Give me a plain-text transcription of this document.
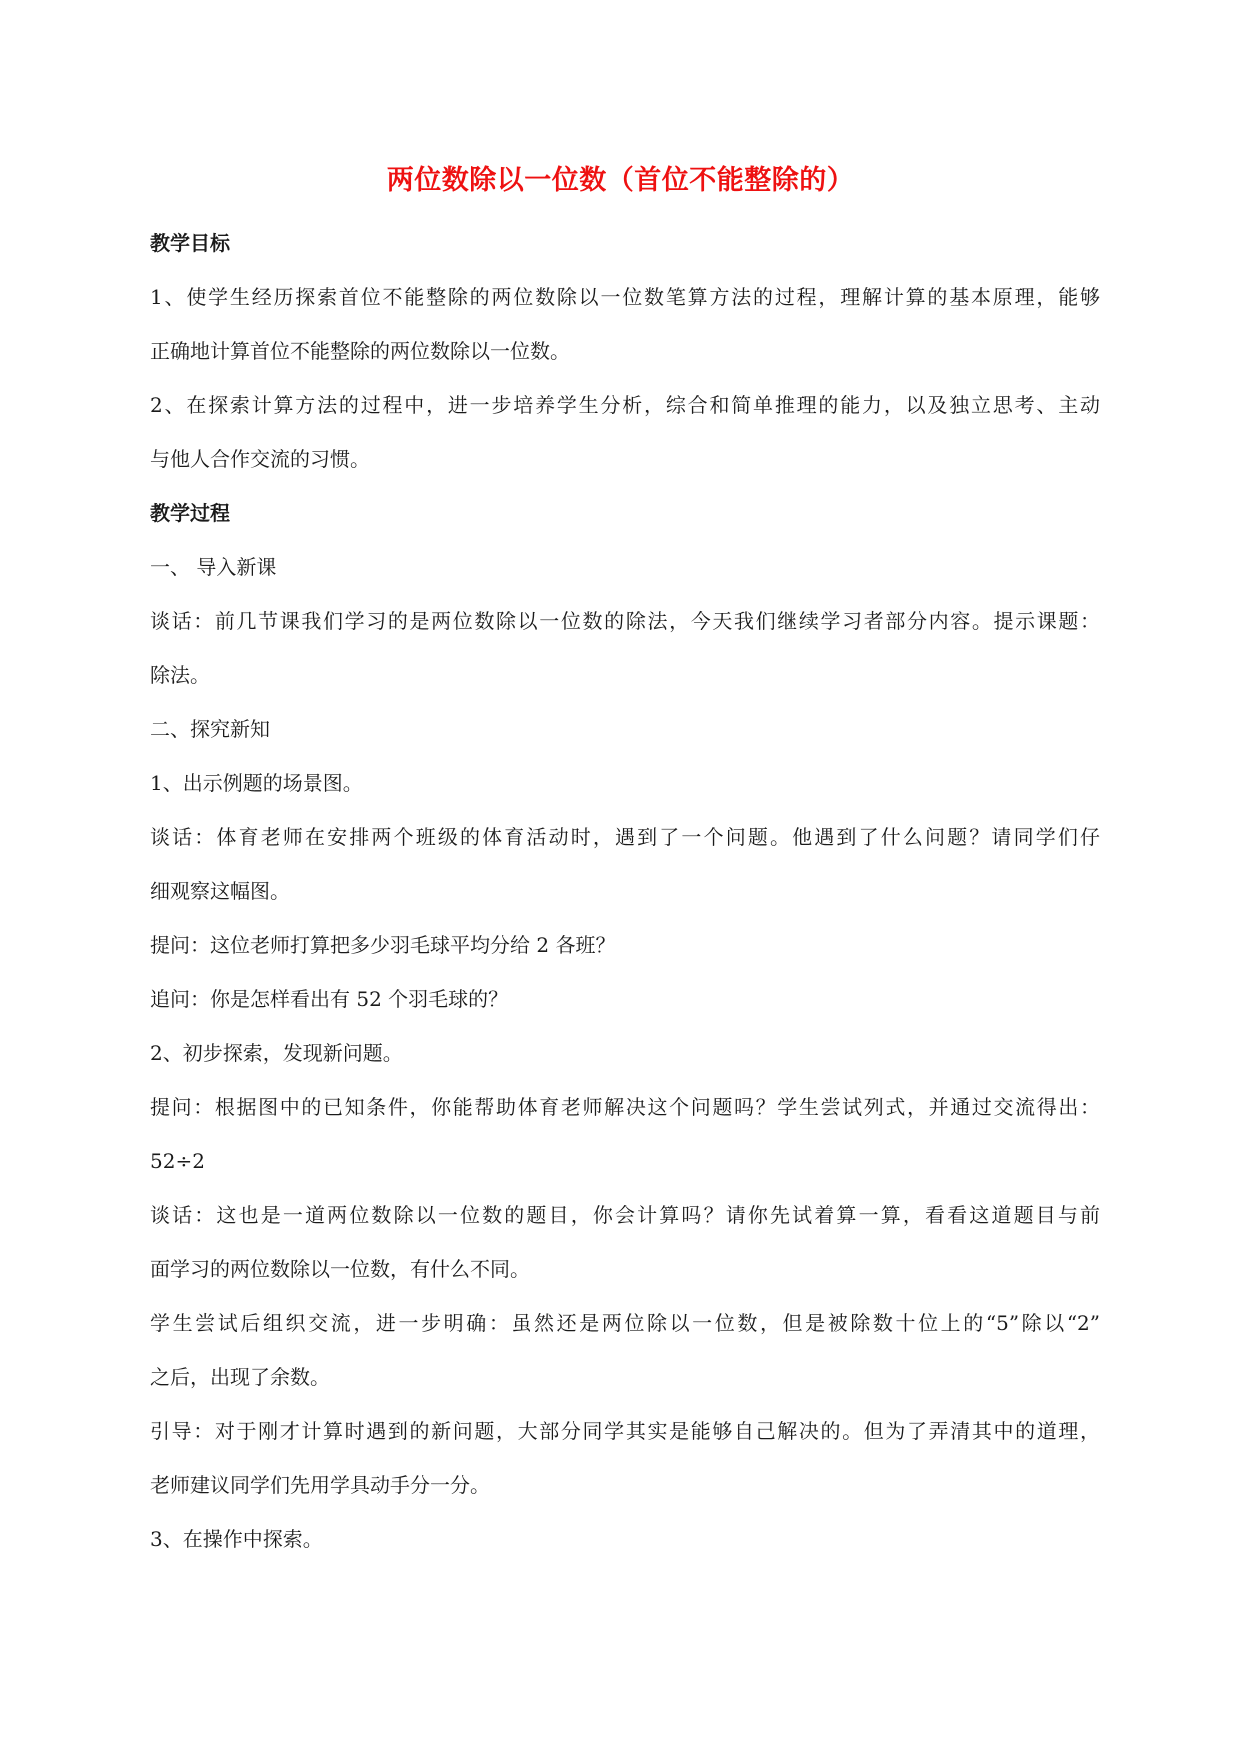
两位数除以一位数（首位不能整除的）
教学目标
1、使学生经历探索首位不能整除的两位数除以一位数笔算方法的过程，理解计算的基本原理，能够
正确地计算首位不能整除的两位数除以一位数。
2、在探索计算方法的过程中，进一步培养学生分析，综合和简单推理的能力，以及独立思考、主动
与他人合作交流的习惯。
教学过程
一、 导入新课
谈话：前几节课我们学习的是两位数除以一位数的除法，今天我们继续学习者部分内容。提示课题：
除法。
二、探究新知
1、出示例题的场景图。
谈话：体育老师在安排两个班级的体育活动时，遇到了一个问题。他遇到了什么问题？请同学们仔
细观察这幅图。
提问：这位老师打算把多少羽毛球平均分给 2 各班？
追问：你是怎样看出有 52 个羽毛球的？
2、初步探索，发现新问题。
提问：根据图中的已知条件，你能帮助体育老师解决这个问题吗？学生尝试列式，并通过交流得出：
52÷2
谈话：这也是一道两位数除以一位数的题目，你会计算吗？请你先试着算一算，看看这道题目与前
面学习的两位数除以一位数，有什么不同。
学生尝试后组织交流，进一步明确：虽然还是两位除以一位数，但是被除数十位上的“5”除以“2”
之后，出现了余数。
引导：对于刚才计算时遇到的新问题，大部分同学其实是能够自己解决的。但为了弄清其中的道理，
老师建议同学们先用学具动手分一分。
3、在操作中探索。
